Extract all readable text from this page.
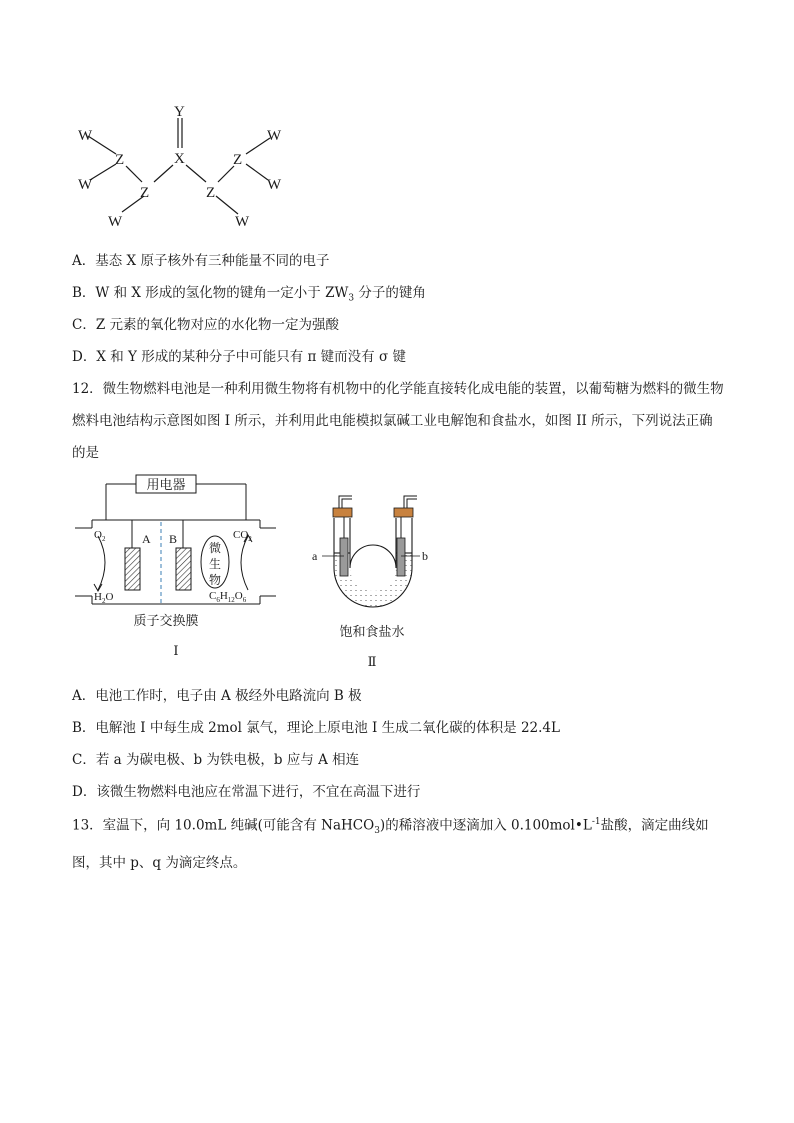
W
W
Z
Z
W
Y
X
Z
Z
W
W
W
A．基态 X 原子核外有三种能量不同的电子
B．W 和 X 形成的氢化物的键角一定小于 $ZW_3$ 分子的键角
C．Z 元素的氧化物对应的水化物一定为强酸
D．X 和 Y 形成的某种分子中可能只有 π 键而没有 σ 键
12．微生物燃料电池是一种利用微生物将有机物中的化学能直接转化成电能的装置，以葡萄糖为燃料的微生物燃料电池结构示意图如图 I 所示，并利用此电能模拟氯碱工业电解饱和食盐水，如图 II 所示，下列说法正确的是
用电器
A B
$O_2$	$CO_2$
$H_2O$	$C_6H_{12}O_6$
微
生
物
质子交换膜
Ⅰ
a	b
饱和食盐水
Ⅱ
A．电池工作时，电子由 A 极经外电路流向 B 极
B．电解池 I 中每生成 2mol 氯气，理论上原电池 I 生成二氧化碳的体积是 22.4L
C．若 a 为碳电极、b 为铁电极，b 应与 A 相连
D．该微生物燃料电池应在常温下进行，不宜在高温下进行
13．室温下，向 10.0mL 纯碱(可能含有 NaHCO$_3$)的稀溶液中逐滴加入 $0.100mol•L^{-1}$盐酸，滴定曲线如图，其中 p、q 为滴定终点。
